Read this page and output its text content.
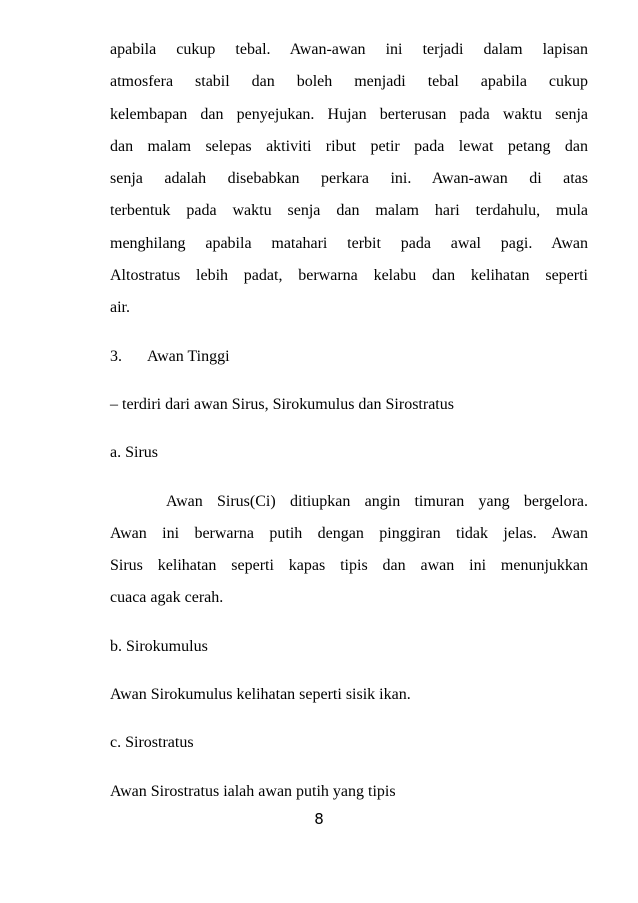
apabila cukup tebal. Awan-awan ini terjadi dalam lapisan
atmosfera stabil dan boleh menjadi tebal apabila cukup
kelembapan dan penyejukan. Hujan berterusan pada waktu senja
dan malam selepas aktiviti ribut petir pada lewat petang dan
senja adalah disebabkan perkara ini. Awan-awan di atas
terbentuk pada waktu senja dan malam hari terdahulu, mula
menghilang apabila matahari terbit pada awal pagi. Awan
Altostratus lebih padat, berwarna kelabu dan kelihatan seperti
air.
3. Awan Tinggi
– terdiri dari awan Sirus, Sirokumulus dan Sirostratus
a. Sirus
Awan Sirus(Ci) ditiupkan angin timuran yang bergelora.
Awan ini berwarna putih dengan pinggiran tidak jelas. Awan
Sirus kelihatan seperti kapas tipis dan awan ini menunjukkan
cuaca agak cerah.
b. Sirokumulus
Awan Sirokumulus kelihatan seperti sisik ikan.
c. Sirostratus
Awan Sirostratus ialah awan putih yang tipis
8
